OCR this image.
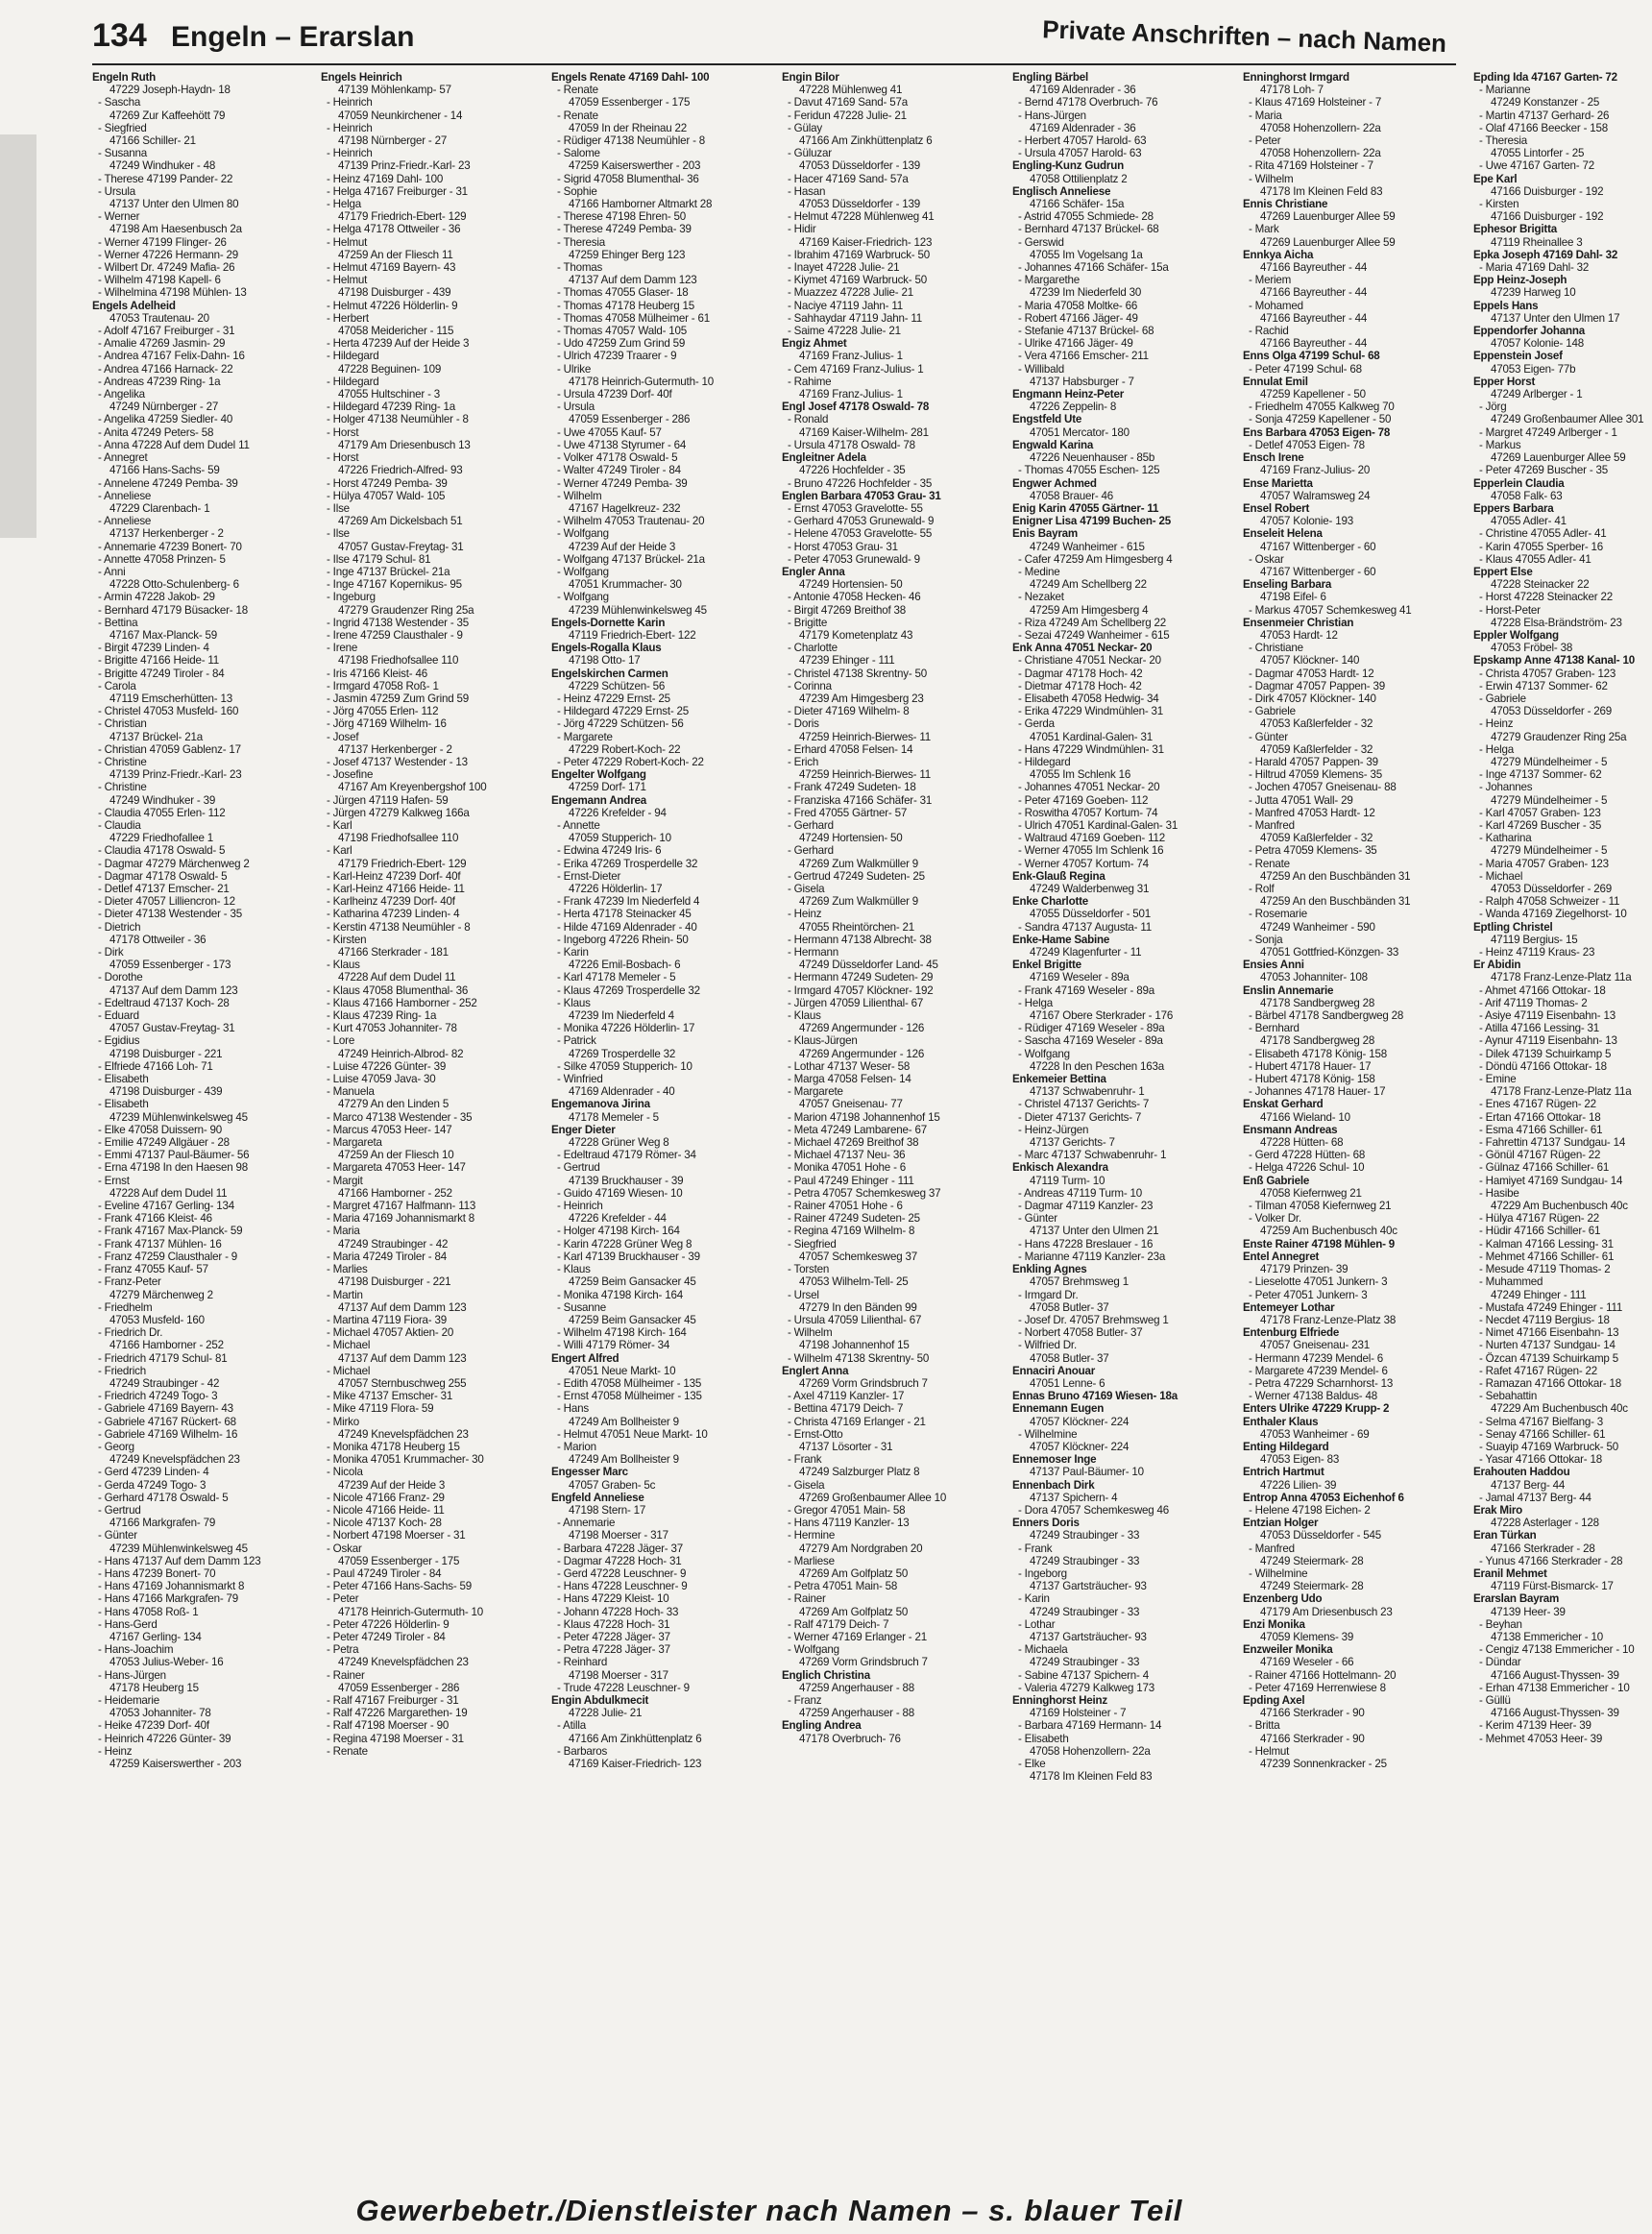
134 Engeln – Erarslan	Private Anschriften – nach Namen
Engeln Ruth
47229 Joseph-Haydn- 18
- Sascha
47269 Zur Kaffeehött 79
- Siegfried
47166 Schiller- 21
- Susanna
47249 Windhuker - 48
- Therese 47199 Pander- 22
- Ursula
47137 Unter den Ulmen 80
- Werner
47198 Am Haesenbusch 2a
- Werner 47199 Flinger- 26
- Werner 47226 Hermann- 29
- Wilbert Dr. 47249 Mafia- 26
- Wilhelm 47198 Kapell- 6
- Wilhelmina 47198 Mühlen- 13
Engels Adelheid
47053 Trautenau- 20
- Adolf 47167 Freiburger - 31
- Amalie 47269 Jasmin- 29
- Andrea 47167 Felix-Dahn- 16
- Andrea 47166 Harnack- 22
- Andreas 47239 Ring- 1a
- Angelika
47249 Nürnberger - 27
- Angelika 47259 Siedler- 40
- Anita 47249 Peters- 58
- Anna 47228 Auf dem Dudel 11
- Annegret
47166 Hans-Sachs- 59
- Annelene 47249 Pemba- 39
- Anneliese
47229 Clarenbach- 1
- Anneliese
47137 Herkenberger - 2
- Annemarie 47239 Bonert- 70
- Annette 47058 Prinzen- 5
- Anni
47228 Otto-Schulenberg- 6
- Armin 47228 Jakob- 29
- Bernhard 47179 Büsacker- 18
- Bettina
47167 Max-Planck- 59
- Birgit 47239 Linden- 4
- Brigitte 47166 Heide- 11
- Brigitte 47249 Tiroler - 84
- Carola
47119 Emscherhütten- 13
- Christel 47053 Musfeld- 160
- Christian
47137 Brückel- 21a
- Christian 47059 Gablenz- 17
- Christine
47139 Prinz-Friedr.-Karl- 23
- Christine
47249 Windhuker - 39
- Claudia 47055 Erlen- 112
- Claudia
47229 Friedhofallee 1
- Claudia 47178 Oswald- 5
- Dagmar 47279 Märchenweg 2
- Dagmar 47178 Oswald- 5
- Detlef 47137 Emscher- 21
- Dieter 47057 Lilliencron- 12
- Dieter 47138 Westender - 35
- Dietrich
47178 Ottweiler - 36
- Dirk
47059 Essenberger - 173
- Dorothe
47137 Auf dem Damm 123
- Edeltraud 47137 Koch- 28
- Eduard
47057 Gustav-Freytag- 31
- Egidius
47198 Duisburger - 221
- Elfriede 47166 Loh- 71
- Elisabeth
47198 Duisburger - 439
- Elisabeth
47239 Mühlenwinkelsweg 45
- Elke 47058 Duissern- 90
- Emilie 47249 Allgäuer - 28
- Emmi 47137 Paul-Bäumer- 56
- Erna 47198 In den Haesen 98
- Ernst
47228 Auf dem Dudel 11
- Eveline 47167 Gerling- 134
- Frank 47166 Kleist- 46
- Frank 47167 Max-Planck- 59
- Frank 47137 Mühlen- 16
- Franz 47259 Clausthaler - 9
- Franz 47055 Kauf- 57
- Franz-Peter
47279 Märchenweg 2
- Friedhelm
47053 Musfeld- 160
- Friedrich Dr.
47166 Hamborner - 252
- Friedrich 47179 Schul- 81
- Friedrich
47249 Straubinger - 42
- Friedrich 47249 Togo- 3
- Gabriele 47169 Bayern- 43
- Gabriele 47167 Rückert- 68
- Gabriele 47169 Wilhelm- 16
- Georg
47249 Knevelspfädchen 23
- Gerd 47239 Linden- 4
- Gerda 47249 Togo- 3
- Gerhard 47178 Oswald- 5
- Gertrud
47166 Markgrafen- 79
- Günter
47239 Mühlenwinkelsweg 45
- Hans 47137 Auf dem Damm 123
- Hans 47239 Bonert- 70
- Hans 47169 Johannismarkt 8
- Hans 47166 Markgrafen- 79
- Hans 47058 Roß- 1
- Hans-Gerd
47167 Gerling- 134
- Hans-Joachim
47053 Julius-Weber- 16
- Hans-Jürgen
47178 Heuberg 15
- Heidemarie
47053 Johanniter- 78
- Heike 47239 Dorf- 40f
- Heinrich 47226 Günter- 39
- Heinz
47259 Kaiserswerther - 203
Engels Heinrich
47139 Möhlenkamp- 57
- Heinrich
47059 Neunkirchener - 14
- Heinrich
47198 Nürnberger - 27
- Heinrich
47139 Prinz-Friedr.-Karl- 23
- Heinz 47169 Dahl- 100
- Helga 47167 Freiburger - 31
- Helga
47179 Friedrich-Ebert- 129
- Helga 47178 Ottweiler - 36
- Helmut
47259 An der Fliesch 11
- Helmut 47169 Bayern- 43
- Helmut
47198 Duisburger - 439
- Helmut 47226 Hölderlin- 9
- Herbert
47058 Meidericher - 115
- Herta 47239 Auf der Heide 3
- Hildegard
47228 Beguinen- 109
- Hildegard
47055 Hultschiner - 3
- Hildegard 47239 Ring- 1a
- Holger 47138 Neumühler - 8
- Horst
47179 Am Driesenbusch 13
- Horst
47226 Friedrich-Alfred- 93
- Horst 47249 Pemba- 39
- Hülya 47057 Wald- 105
- Ilse
47269 Am Dickelsbach 51
- Ilse
47057 Gustav-Freytag- 31
- Ilse 47179 Schul- 81
- Inge 47137 Brückel- 21a
- Inge 47167 Kopernikus- 95
- Ingeburg
47279 Graudenzer Ring 25a
- Ingrid 47138 Westender - 35
- Irene 47259 Clausthaler - 9
- Irene
47198 Friedhofsallee 110
- Iris 47166 Kleist- 46
- Irmgard 47058 Roß- 1
- Jasmin 47259 Zum Grind 59
- Jörg 47055 Erlen- 112
- Jörg 47169 Wilhelm- 16
- Josef
47137 Herkenberger - 2
- Josef 47137 Westender - 13
- Josefine
47167 Am Kreyenbergshof 100
- Jürgen 47119 Hafen- 59
- Jürgen 47279 Kalkweg 166a
- Karl
47198 Friedhofsallee 110
- Karl
47179 Friedrich-Ebert- 129
- Karl-Heinz 47239 Dorf- 40f
- Karl-Heinz 47166 Heide- 11
- Karlheinz 47239 Dorf- 40f
- Katharina 47239 Linden- 4
- Kerstin 47138 Neumühler - 8
- Kirsten
47166 Sterkrader - 181
- Klaus
47228 Auf dem Dudel 11
- Klaus 47058 Blumenthal- 36
- Klaus 47166 Hamborner - 252
- Klaus 47239 Ring- 1a
- Kurt 47053 Johanniter- 78
- Lore
47249 Heinrich-Albrod- 82
- Luise 47226 Günter- 39
- Luise 47059 Java- 30
- Manuela
47279 An den Linden 5
- Marco 47138 Westender - 35
- Marcus 47053 Heer- 147
- Margareta
47259 An der Fliesch 10
- Margareta 47053 Heer- 147
- Margit
47166 Hamborner - 252
- Margret 47167 Halfmann- 113
- Maria 47169 Johannismarkt 8
- Maria
47249 Straubinger - 42
- Maria 47249 Tiroler - 84
- Marlies
47198 Duisburger - 221
- Martin
47137 Auf dem Damm 123
- Martina 47119 Fiora- 39
- Michael 47057 Aktien- 20
- Michael
47137 Auf dem Damm 123
- Michael
47057 Sternbuschweg 255
- Mike 47137 Emscher- 31
- Mike 47119 Flora- 59
- Mirko
47249 Knevelspfädchen 23
- Monika 47178 Heuberg 15
- Monika 47051 Krummacher- 30
- Nicola
47239 Auf der Heide 3
- Nicole 47166 Franz- 29
- Nicole 47166 Heide- 11
- Nicole 47137 Koch- 28
- Norbert 47198 Moerser - 31
- Oskar
47059 Essenberger - 175
- Paul 47249 Tiroler - 84
- Peter 47166 Hans-Sachs- 59
- Peter
47178 Heinrich-Gutermuth- 10
- Peter 47226 Hölderlin- 9
- Peter 47249 Tiroler - 84
- Petra
47249 Knevelspfädchen 23
- Rainer
47059 Essenberger - 286
- Ralf 47167 Freiburger - 31
- Ralf 47226 Margarethen- 19
- Ralf 47198 Moerser - 90
- Regina 47198 Moerser - 31
- Renate
Engels Renate 47169 Dahl- 100
- Renate
47059 Essenberger - 175
- Renate
47059 In der Rheinau 22
- Rüdiger 47138 Neumühler - 8
- Salome
47259 Kaiserswerther - 203
- Sigrid 47058 Blumenthal- 36
- Sophie
47166 Hamborner Altmarkt 28
- Therese 47198 Ehren- 50
- Therese 47249 Pemba- 39
- Theresia
47259 Ehinger Berg 123
- Thomas
47137 Auf dem Damm 123
- Thomas 47055 Glaser- 18
- Thomas 47178 Heuberg 15
- Thomas 47058 Mülheimer - 61
- Thomas 47057 Wald- 105
- Udo 47259 Zum Grind 59
- Ulrich 47239 Traarer - 9
- Ulrike
47178 Heinrich-Gutermuth- 10
- Ursula 47239 Dorf- 40f
- Ursula
47059 Essenberger - 286
- Uwe 47055 Kauf- 57
- Uwe 47138 Styrumer - 64
- Volker 47178 Oswald- 5
- Walter 47249 Tiroler - 84
- Werner 47249 Pemba- 39
- Wilhelm
47167 Hagelkreuz- 232
- Wilhelm 47053 Trautenau- 20
- Wolfgang
47239 Auf der Heide 3
- Wolfgang 47137 Brückel- 21a
- Wolfgang
47051 Krummacher- 30
- Wolfgang
47239 Mühlenwinkelsweg 45
Engels-Dornette Karin
47119 Friedrich-Ebert- 122
Engels-Rogalla Klaus
47198 Otto- 17
Engelskirchen Carmen
47229 Schützen- 56
- Heinz 47229 Ernst- 25
- Hildegard 47229 Ernst- 25
- Jörg 47229 Schützen- 56
- Margarete
47229 Robert-Koch- 22
- Peter 47229 Robert-Koch- 22
Engelter Wolfgang
47259 Dorf- 171
Engemann Andrea
47226 Krefelder - 94
- Annette
47059 Stupperich- 10
- Edwina 47249 Iris- 6
- Erika 47269 Trosperdelle 32
- Ernst-Dieter
47226 Hölderlin- 17
- Frank 47239 Im Niederfeld 4
- Herta 47178 Steinacker 45
- Hilde 47169 Aldenrader - 40
- Ingeborg 47226 Rhein- 50
- Karin
47226 Emil-Bosbach- 6
- Karl 47178 Memeler - 5
- Klaus 47269 Trosperdelle 32
- Klaus
47239 Im Niederfeld 4
- Monika 47226 Hölderlin- 17
- Patrick
47269 Trosperdelle 32
- Silke 47059 Stupperich- 10
- Winfried
47169 Aldenrader - 40
Engemanova Jirina
47178 Memeler - 5
Enger Dieter
47228 Grüner Weg 8
- Edeltraud 47179 Römer- 34
- Gertrud
47139 Bruckhauser - 39
- Guido 47169 Wiesen- 10
- Heinrich
47226 Krefelder - 44
- Holger 47198 Kirch- 164
- Karin 47228 Grüner Weg 8
- Karl 47139 Bruckhauser - 39
- Klaus
47259 Beim Gansacker 45
- Monika 47198 Kirch- 164
- Susanne
47259 Beim Gansacker 45
- Wilhelm 47198 Kirch- 164
- Willi 47179 Römer- 34
Engert Alfred
47051 Neue Markt- 10
- Edith 47058 Mülheimer - 135
- Ernst 47058 Mülheimer - 135
- Hans
47249 Am Bollheister 9
- Helmut 47051 Neue Markt- 10
- Marion
47249 Am Bollheister 9
Engesser Marc
47057 Graben- 5c
Engfeld Anneliese
47198 Stern- 17
- Annemarie
47198 Moerser - 317
- Barbara 47228 Jäger- 37
- Dagmar 47228 Hoch- 31
- Gerd 47228 Leuschner- 9
- Hans 47228 Leuschner- 9
- Hans 47229 Kleist- 10
- Johann 47228 Hoch- 33
- Klaus 47228 Hoch- 31
- Peter 47228 Jäger- 37
- Petra 47228 Jäger- 37
- Reinhard
47198 Moerser - 317
- Trude 47228 Leuschner- 9
Engin Abdulkmecit
47228 Julie- 21
- Atilla
47166 Am Zinkhüttenplatz 6
- Barbaros
47169 Kaiser-Friedrich- 123
Engin Bilor
47228 Mühlenweg 41
- Davut 47169 Sand- 57a
- Feridun 47228 Julie- 21
- Gülay
47166 Am Zinkhüttenplatz 6
- Güluzar
47053 Düsseldorfer - 139
- Hacer 47169 Sand- 57a
- Hasan
47053 Düsseldorfer - 139
- Helmut 47228 Mühlenweg 41
- Hidir
47169 Kaiser-Friedrich- 123
- Ibrahim 47169 Warbruck- 50
- Inayet 47228 Julie- 21
- Kiymet 47169 Warbruck- 50
- Muazzez 47228 Julie- 21
- Naciye 47119 Jahn- 11
- Sahhaydar 47119 Jahn- 11
- Saime 47228 Julie- 21
Engiz Ahmet
47169 Franz-Julius- 1
- Cem 47169 Franz-Julius- 1
- Rahime
47169 Franz-Julius- 1
Engl Josef 47178 Oswald- 78
- Ronald
47169 Kaiser-Wilhelm- 281
- Ursula 47178 Oswald- 78
Engleitner Adela
47226 Hochfelder - 35
- Bruno 47226 Hochfelder - 35
Englen Barbara 47053 Grau- 31
- Ernst 47053 Gravelotte- 55
- Gerhard 47053 Grunewald- 9
- Helene 47053 Gravelotte- 55
- Horst 47053 Grau- 31
- Peter 47053 Grunewald- 9
Engler Anna
47249 Hortensien- 50
- Antonie 47058 Hecken- 46
- Birgit 47269 Breithof 38
- Brigitte
47179 Kometenplatz 43
- Charlotte
47239 Ehinger - 111
- Christel 47138 Skrentny- 50
- Corinna
47239 Am Himgesberg 23
- Dieter 47169 Wilhelm- 8
- Doris
47259 Heinrich-Bierwes- 11
- Erhard 47058 Felsen- 14
- Erich
47259 Heinrich-Bierwes- 11
- Frank 47249 Sudeten- 18
- Franziska 47166 Schäfer- 31
- Fred 47055 Gärtner- 57
- Gerhard
47249 Hortensien- 50
- Gerhard
47269 Zum Walkmüller 9
- Gertrud 47249 Sudeten- 25
- Gisela
47269 Zum Walkmüller 9
- Heinz
47055 Rheintörchen- 21
- Hermann 47138 Albrecht- 38
- Hermann
47249 Düsseldorfer Land- 45
- Hermann 47249 Sudeten- 29
- Irmgard 47057 Klöckner- 192
- Jürgen 47059 Lilienthal- 67
- Klaus
47269 Angermunder - 126
- Klaus-Jürgen
47269 Angermunder - 126
- Lothar 47137 Weser- 58
- Marga 47058 Felsen- 14
- Margarete
47057 Gneisenau- 77
- Marion 47198 Johannenhof 15
- Meta 47249 Lambarene- 67
- Michael 47269 Breithof 38
- Michael 47137 Neu- 36
- Monika 47051 Hohe - 6
- Paul 47249 Ehinger - 111
- Petra 47057 Schemkesweg 37
- Rainer 47051 Hohe - 6
- Rainer 47249 Sudeten- 25
- Regina 47169 Wilhelm- 8
- Siegfried
47057 Schemkesweg 37
- Torsten
47053 Wilhelm-Tell- 25
- Ursel
47279 In den Bänden 99
- Ursula 47059 Lilienthal- 67
- Wilhelm
47198 Johannenhof 15
- Wilhelm 47138 Skrentny- 50
Englert Anna
47269 Vorm Grindsbruch 7
- Axel 47119 Kanzler- 17
- Bettina 47179 Deich- 7
- Christa 47169 Erlanger - 21
- Ernst-Otto
47137 Lösorter - 31
- Frank
47249 Salzburger Platz 8
- Gisela
47269 Großenbaumer Allee 10
- Gregor 47051 Main- 58
- Hans 47119 Kanzler- 13
- Hermine
47279 Am Nordgraben 20
- Marliese
47269 Am Golfplatz 50
- Petra 47051 Main- 58
- Rainer
47269 Am Golfplatz 50
- Ralf 47179 Deich- 7
- Werner 47169 Erlanger - 21
- Wolfgang
47269 Vorm Grindsbruch 7
Englich Christina
47259 Angerhauser - 88
- Franz
47259 Angerhauser - 88
Engling Andrea
47178 Overbruch- 76
Engling Bärbel
47169 Aldenrader - 36
- Bernd 47178 Overbruch- 76
- Hans-Jürgen
47169 Aldenrader - 36
- Herbert 47057 Harold- 63
- Ursula 47057 Harold- 63
Engling-Kunz Gudrun
47058 Ottilienplatz 2
Englisch Anneliese
47166 Schäfer- 15a
- Astrid 47055 Schmiede- 28
- Bernhard 47137 Brückel- 68
- Gerswid
47055 Im Vogelsang 1a
- Johannes 47166 Schäfer- 15a
- Margarethe
47239 Im Niederfeld 30
- Maria 47058 Moltke- 66
- Robert 47166 Jäger- 49
- Stefanie 47137 Brückel- 68
- Ulrike 47166 Jäger- 49
- Vera 47166 Emscher- 211
- Willibald
47137 Habsburger - 7
Engmann Heinz-Peter
47226 Zeppelin- 8
Engstfeld Ute
47051 Mercator- 180
Engwald Karina
47226 Neuenhauser - 85b
- Thomas 47055 Eschen- 125
Engwer Achmed
47058 Brauer- 46
Enig Karin 47055 Gärtner- 11
Enigner Lisa 47199 Buchen- 25
Enis Bayram
47249 Wanheimer - 615
- Cafer 47259 Am Himgesberg 4
- Medine
47249 Am Schellberg 22
- Nezaket
47259 Am Himgesberg 4
- Riza 47249 Am Schellberg 22
- Sezai 47249 Wanheimer - 615
Enk Anna 47051 Neckar- 20
- Christiane 47051 Neckar- 20
- Dagmar 47178 Hoch- 42
- Dietmar 47178 Hoch- 42
- Elisabeth 47058 Hedwig- 34
- Erika 47229 Windmühlen- 31
- Gerda
47051 Kardinal-Galen- 31
- Hans 47229 Windmühlen- 31
- Hildegard
47055 Im Schlenk 16
- Johannes 47051 Neckar- 20
- Peter 47169 Goeben- 112
- Roswitha 47057 Kortum- 74
- Ulrich 47051 Kardinal-Galen- 31
- Waltraud 47169 Goeben- 112
- Werner 47055 Im Schlenk 16
- Werner 47057 Kortum- 74
Enk-Glauß Regina
47249 Walderbenweg 31
Enke Charlotte
47055 Düsseldorfer - 501
- Sandra 47137 Augusta- 11
Enke-Hame Sabine
47249 Klagenfurter - 11
Enkel Brigitte
47169 Weseler - 89a
- Frank 47169 Weseler - 89a
- Helga
47167 Obere Sterkrader - 176
- Rüdiger 47169 Weseler - 89a
- Sascha 47169 Weseler - 89a
- Wolfgang
47228 In den Peschen 163a
Enkemeier Bettina
47137 Schwabenruhr- 1
- Christel 47137 Gerichts- 7
- Dieter 47137 Gerichts- 7
- Heinz-Jürgen
47137 Gerichts- 7
- Marc 47137 Schwabenruhr- 1
Enkisch Alexandra
47119 Turm- 10
- Andreas 47119 Turm- 10
- Dagmar 47119 Kanzler- 23
- Günter
47137 Unter den Ulmen 21
- Hans 47228 Breslauer - 16
- Marianne 47119 Kanzler- 23a
Enkling Agnes
47057 Brehmsweg 1
- Irmgard Dr.
47058 Butler- 37
- Josef Dr. 47057 Brehmsweg 1
- Norbert 47058 Butler- 37
- Wilfried Dr.
47058 Butler- 37
Ennaciri Anouar
47051 Lenne- 6
Ennas Bruno 47169 Wiesen- 18a
Ennemann Eugen
47057 Klöckner- 224
- Wilhelmine
47057 Klöckner- 224
Ennemoser Inge
47137 Paul-Bäumer- 10
Ennenbach Dirk
47137 Spichern- 4
- Dora 47057 Schemkesweg 46
Enners Doris
47249 Straubinger - 33
- Frank
47249 Straubinger - 33
- Ingeborg
47137 Gartsträucher- 93
- Karin
47249 Straubinger - 33
- Lothar
47137 Gartsträucher- 93
- Michaela
47249 Straubinger - 33
- Sabine 47137 Spichern- 4
- Valeria 47279 Kalkweg 173
Enninghorst Heinz
47169 Holsteiner - 7
- Barbara 47169 Hermann- 14
- Elisabeth
47058 Hohenzollern- 22a
- Elke
47178 Im Kleinen Feld 83
Enninghorst Irmgard
47178 Loh- 7
- Klaus 47169 Holsteiner - 7
- Maria
47058 Hohenzollern- 22a
- Peter
47058 Hohenzollern- 22a
- Rita 47169 Holsteiner - 7
- Wilhelm
47178 Im Kleinen Feld 83
Ennis Christiane
47269 Lauenburger Allee 59
- Mark
47269 Lauenburger Allee 59
Ennkya Aicha
47166 Bayreuther - 44
- Meriem
47166 Bayreuther - 44
- Mohamed
47166 Bayreuther - 44
- Rachid
47166 Bayreuther - 44
Enns Olga 47199 Schul- 68
- Peter 47199 Schul- 68
Ennulat Emil
47259 Kapellener - 50
- Friedhelm 47055 Kalkweg 70
- Sonja 47259 Kapellener - 50
Ens Barbara 47053 Eigen- 78
- Detlef 47053 Eigen- 78
Ensch Irene
47169 Franz-Julius- 20
Ense Marietta
47057 Walramsweg 24
Ensel Robert
47057 Kolonie- 193
Enseleit Helena
47167 Wittenberger - 60
- Oskar
47167 Wittenberger - 60
Enseling Barbara
47198 Eifel- 6
- Markus 47057 Schemkesweg 41
Ensenmeier Christian
47053 Hardt- 12
- Christiane
47057 Klöckner- 140
- Dagmar 47053 Hardt- 12
- Dagmar 47057 Pappen- 39
- Dirk 47057 Klöckner- 140
- Gabriele
47053 Kaßlerfelder - 32
- Günter
47059 Kaßlerfelder - 32
- Harald 47057 Pappen- 39
- Hiltrud 47059 Klemens- 35
- Jochen 47057 Gneisenau- 88
- Jutta 47051 Wall- 29
- Manfred 47053 Hardt- 12
- Manfred
47059 Kaßlerfelder - 32
- Petra 47059 Klemens- 35
- Renate
47259 An den Buschbänden 31
- Rolf
47259 An den Buschbänden 31
- Rosemarie
47249 Wanheimer - 590
- Sonja
47051 Gottfried-Könzgen- 33
Ensies Anni
47053 Johanniter- 108
Enslin Annemarie
47178 Sandbergweg 28
- Bärbel 47178 Sandbergweg 28
- Bernhard
47178 Sandbergweg 28
- Elisabeth 47178 König- 158
- Hubert 47178 Hauer- 17
- Hubert 47178 König- 158
- Johannes 47178 Hauer- 17
Enskat Gerhard
47166 Wieland- 10
Ensmann Andreas
47228 Hütten- 68
- Gerd 47228 Hütten- 68
- Helga 47226 Schul- 10
Enß Gabriele
47058 Kiefernweg 21
- Tilman 47058 Kiefernweg 21
- Volker Dr.
47259 Am Buchenbusch 40c
Enste Rainer 47198 Mühlen- 9
Entel Annegret
47179 Prinzen- 39
- Lieselotte 47051 Junkern- 3
- Peter 47051 Junkern- 3
Entemeyer Lothar
47178 Franz-Lenze-Platz 38
Entenburg Elfriede
47057 Gneisenau- 231
- Hermann 47239 Mendel- 6
- Margarete 47239 Mendel- 6
- Petra 47229 Scharnhorst- 13
- Werner 47138 Baldus- 48
Enters Ulrike 47229 Krupp- 2
Enthaler Klaus
47053 Wanheimer - 69
Enting Hildegard
47053 Eigen- 83
Entrich Hartmut
47226 Lilien- 39
Entrop Anna 47053 Eichenhof 6
- Helene 47198 Eichen- 2
Entzian Holger
47053 Düsseldorfer - 545
- Manfred
47249 Steiermark- 28
- Wilhelmine
47249 Steiermark- 28
Enzenberg Udo
47179 Am Driesenbusch 23
Enzi Monika
47059 Klemens- 39
Enzweiler Monika
47169 Weseler - 66
- Rainer 47166 Hottelmann- 20
- Peter 47169 Herrenwiese 8
Epding Axel
47166 Sterkrader - 90
- Britta
47166 Sterkrader - 90
- Helmut
47239 Sonnenkracker - 25
Epding Ida 47167 Garten- 72
- Marianne
47249 Konstanzer - 25
- Martin 47137 Gerhard- 26
- Olaf 47166 Beecker - 158
- Theresia
47055 Lintorfer - 25
- Uwe 47167 Garten- 72
Epe Karl
47166 Duisburger - 192
- Kirsten
47166 Duisburger - 192
Ephesor Brigitta
47119 Rheinallee 3
Epka Joseph 47169 Dahl- 32
- Maria 47169 Dahl- 32
Epp Heinz-Joseph
47239 Harweg 10
Eppels Hans
47137 Unter den Ulmen 17
Eppendorfer Johanna
47057 Kolonie- 148
Eppenstein Josef
47053 Eigen- 77b
Epper Horst
47249 Arlberger - 1
- Jörg
47249 Großenbaumer Allee 301
- Margret 47249 Arlberger - 1
- Markus
47269 Lauenburger Allee 59
- Peter 47269 Buscher - 35
Epperlein Claudia
47058 Falk- 63
Eppers Barbara
47055 Adler- 41
- Christine 47055 Adler- 41
- Karin 47055 Sperber- 16
- Klaus 47055 Adler- 41
Eppert Else
47228 Steinacker 22
- Horst 47228 Steinacker 22
- Horst-Peter
47228 Elsa-Brändström- 23
Eppler Wolfgang
47053 Fröbel- 38
Epskamp Anne 47138 Kanal- 10
- Christa 47057 Graben- 123
- Erwin 47137 Sommer- 62
- Gabriele
47053 Düsseldorfer - 269
- Heinz
47279 Graudenzer Ring 25a
- Helga
47279 Mündelheimer - 5
- Inge 47137 Sommer- 62
- Johannes
47279 Mündelheimer - 5
- Karl 47057 Graben- 123
- Karl 47269 Buscher - 35
- Katharina
47279 Mündelheimer - 5
- Maria 47057 Graben- 123
- Michael
47053 Düsseldorfer - 269
- Ralph 47058 Schweizer - 11
- Wanda 47169 Ziegelhorst- 10
Eptling Christel
47119 Bergius- 15
- Heinz 47119 Kraus- 23
Er Abidin
47178 Franz-Lenze-Platz 11a
- Ahmet 47166 Ottokar- 18
- Arif 47119 Thomas- 2
- Asiye 47119 Eisenbahn- 13
- Atilla 47166 Lessing- 31
- Aynur 47119 Eisenbahn- 13
- Dilek 47139 Schuirkamp 5
- Döndü 47166 Ottokar- 18
- Emine
47178 Franz-Lenze-Platz 11a
- Enes 47167 Rügen- 22
- Ertan 47166 Ottokar- 18
- Esma 47166 Schiller- 61
- Fahrettin 47137 Sundgau- 14
- Gönül 47167 Rügen- 22
- Gülnaz 47166 Schiller- 61
- Hamiyet 47169 Sundgau- 14
- Hasibe
47229 Am Buchenbusch 40c
- Hülya 47167 Rügen- 22
- Hüdir 47166 Schiller- 61
- Kalman 47166 Lessing- 31
- Mehmet 47166 Schiller- 61
- Mesude 47119 Thomas- 2
- Muhammed
47249 Ehinger - 111
- Mustafa 47249 Ehinger - 111
- Necdet 47119 Bergius- 18
- Nimet 47166 Eisenbahn- 13
- Nurten 47137 Sundgau- 14
- Özcan 47139 Schuirkamp 5
- Rafet 47167 Rügen- 22
- Ramazan 47166 Ottokar- 18
- Sebahattin
47229 Am Buchenbusch 40c
- Selma 47167 Bielfang- 3
- Senay 47166 Schiller- 61
- Suayip 47169 Warbruck- 50
- Yasar 47166 Ottokar- 18
Erahouten Haddou
47137 Berg- 44
- Jamal 47137 Berg- 44
Erak Miro
47228 Asterlager - 128
Eran Türkan
47166 Sterkrader - 28
- Yunus 47166 Sterkrader - 28
Eranil Mehmet
47119 Fürst-Bismarck- 17
Erarslan Bayram
47139 Heer- 39
- Beyhan
47138 Emmericher - 10
- Cengiz 47138 Emmericher - 10
- Dündar
47166 August-Thyssen- 39
- Erhan 47138 Emmericher - 10
- Güllü
47166 August-Thyssen- 39
- Kerim 47139 Heer- 39
- Mehmet 47053 Heer- 39
Gewerbebetr./Dienstleister nach Namen – s. blauer Teil
